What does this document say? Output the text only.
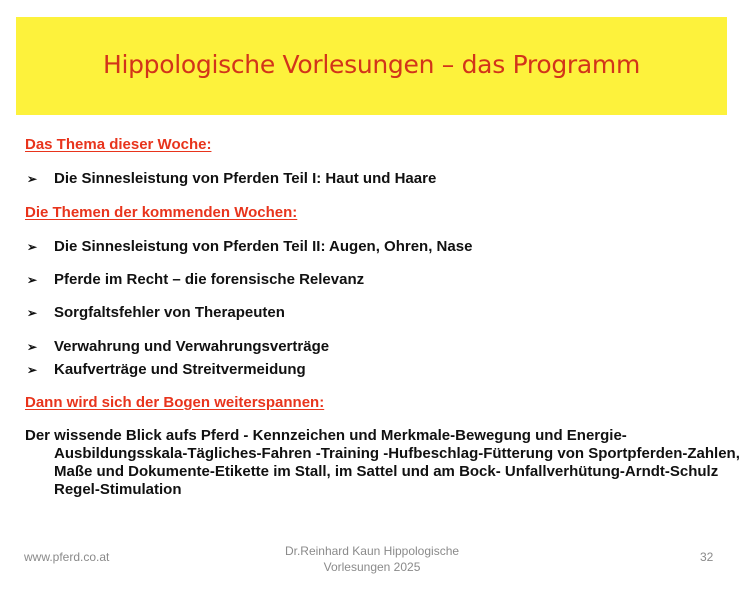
Hippologische Vorlesungen – das Programm
Das Thema dieser Woche:
➢	Die Sinnesleistung von Pferden Teil I: Haut und Haare
Die Themen der kommenden Wochen:
➢	Die Sinnesleistung von Pferden Teil II: Augen, Ohren, Nase
➢	Pferde im Recht – die forensische Relevanz
➢	Sorgfaltsfehler von Therapeuten
➢	Verwahrung und Verwahrungsverträge
➢	Kaufverträge und Streitvermeidung
Dann wird sich der Bogen weiterspannen:
Der wissende Blick aufs Pferd - Kennzeichen und Merkmale-Bewegung und Energie-Ausbildungsskala-Tägliches-Fahren -Training -Hufbeschlag-Fütterung von Sportpferden-Zahlen, Maße und Dokumente-Etikette im Stall, im Sattel und am Bock- Unfallverhütung-Arndt-Schulz Regel-Stimulation
www.pferd.co.at	Dr.Reinhard Kaun Hippologische
Vorlesungen 2025
32
